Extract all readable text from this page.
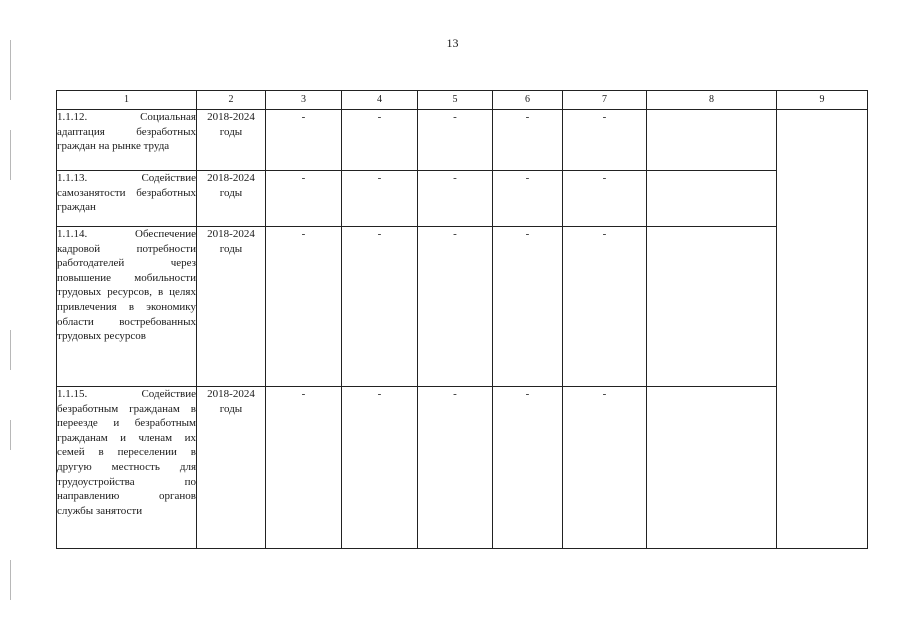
13
1	2	3	4	5	6	7	8	9
1.1.12. Социальная адаптация безработных граждан на рынке труда	2018-2024 годы	-	-	-	-	-		
1.1.13. Содействие самозанятости безработных граждан	2018-2024 годы	-	-	-	-	-		
1.1.14. Обеспечение кадровой потребности работодателей через повышение мобильности трудовых ресурсов, в целях привлечения в экономику области востребованных трудовых ресурсов	2018-2024 годы	-	-	-	-	-		
1.1.15. Содействие безработным гражданам в переезде и безработным гражданам и членам их семей в переселении в другую местность для трудоустройства по направлению органов службы занятости	2018-2024 годы	-	-	-	-	-		
